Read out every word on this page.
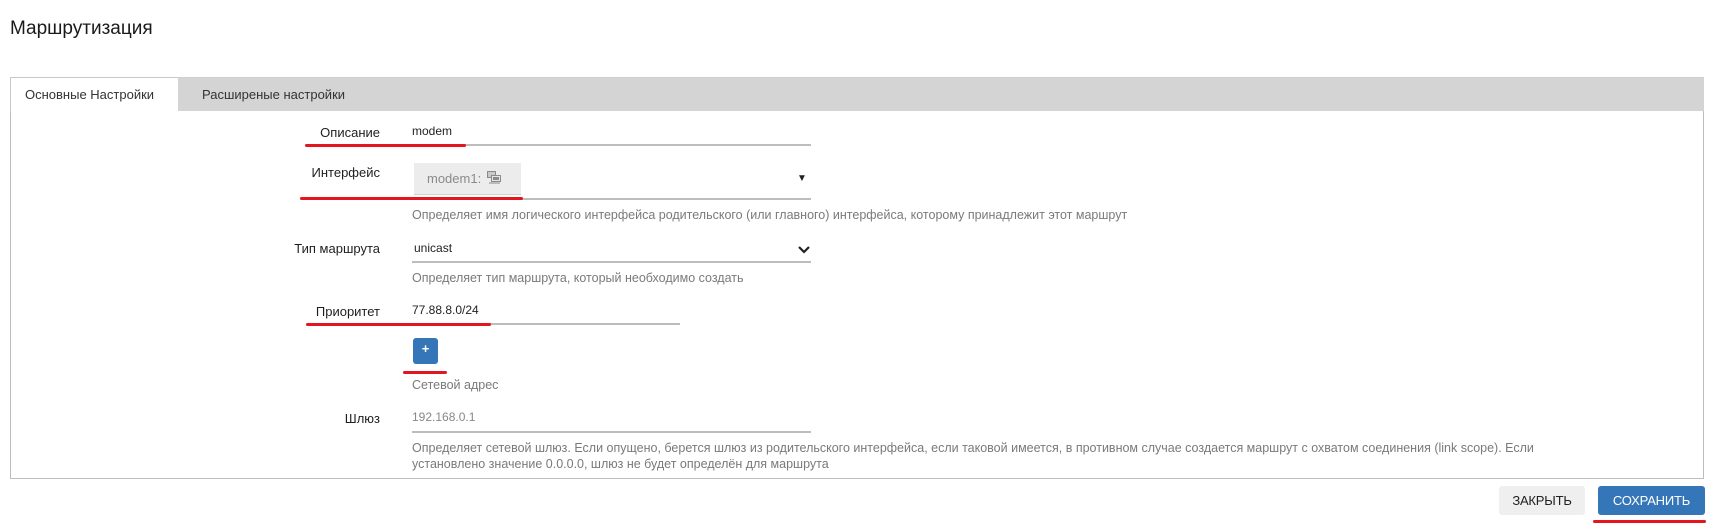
Маршрутизация
Основные Настройки	Расширеные настройки
Описание	modem
Интерфейс	modem1:	▼
Определяет имя логического интерфейса родительского (или главного) интерфейса, которому принадлежит этот маршрут
Тип маршрута	unicast
Определяет тип маршрута, который необходимо создать
Приоритет	77.88.8.0/24
+
Сетевой адрес
Шлюз	192.168.0.1
Определяет сетевой шлюз. Если опущено, берется шлюз из родительского интерфейса, если таковой имеется, в противном случае создается маршрут с охватом соединения (link scope). Если
установлено значение 0.0.0.0, шлюз не будет определён для маршрута
ЗАКРЫТЬ	СОХРАНИТЬ
